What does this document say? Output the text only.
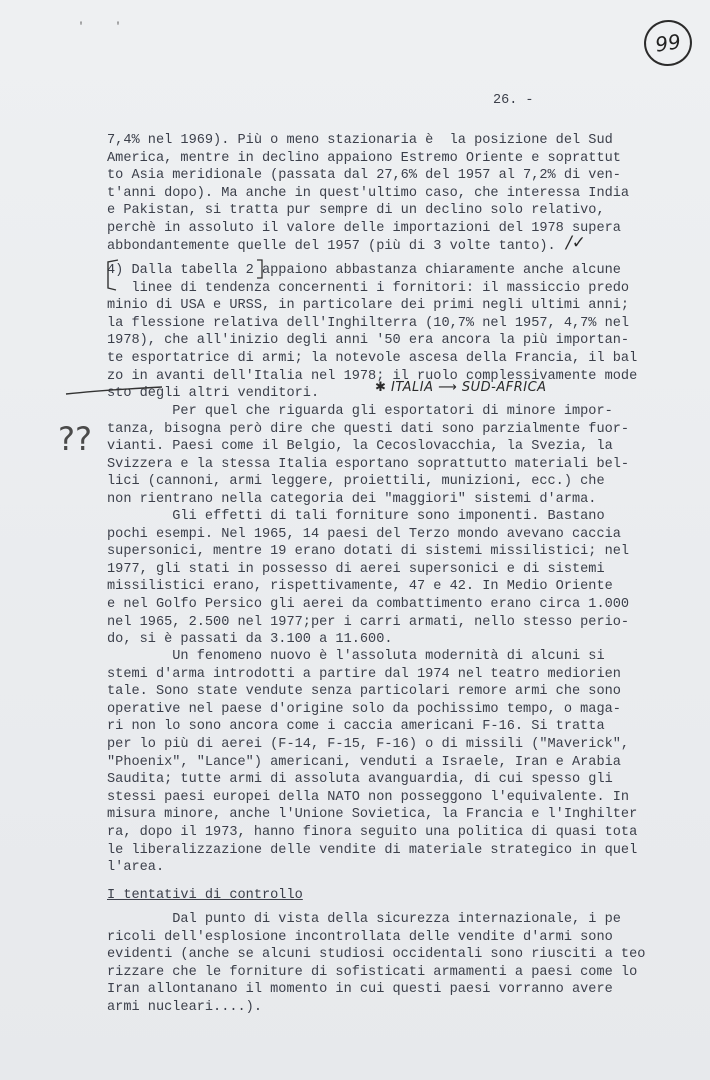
'	'
99
26. -
7,4% nel 1969). Più o meno stazionaria è  la posizione del Sud
America, mentre in declino appaiono Estremo Oriente e soprattut
to Asia meridionale (passata dal 27,6% del 1957 al 7,2% di ven-
t'anni dopo). Ma anche in quest'ultimo caso, che interessa India
e Pakistan, si tratta pur sempre di un declino solo relativo,
perchè in assoluto il valore delle importazioni del 1978 supera
abbondantemente quelle del 1957 (più di 3 volte tanto).
4) Dalla tabella 2 appaiono abbastanza chiaramente anche alcune
linee di tendenza concernenti i fornitori: il massiccio predo
minio di USA e URSS, in particolare dei primi negli ultimi anni;
la flessione relativa dell'Inghilterra (10,7% nel 1957, 4,7% nel
1978), che all'inizio degli anni '50 era ancora la più importan-
te esportatrice di armi; la notevole ascesa della Francia, il bal
zo in avanti dell'Italia nel 1978; il ruolo complessivamente mode
sto degli altri venditori.
Per quel che riguarda gli esportatori di minore impor-
tanza, bisogna però dire che questi dati sono parzialmente fuor-
vianti. Paesi come il Belgio, la Cecoslovacchia, la Svezia, la
Svizzera e la stessa Italia esportano soprattutto materiali bel-
lici (cannoni, armi leggere, proiettili, munizioni, ecc.) che
non rientrano nella categoria dei "maggiori" sistemi d'arma.
Gli effetti di tali forniture sono imponenti. Bastano
pochi esempi. Nel 1965, 14 paesi del Terzo mondo avevano caccia
supersonici, mentre 19 erano dotati di sistemi missilistici; nel
1977, gli stati in possesso di aerei supersonici e di sistemi
missilistici erano, rispettivamente, 47 e 42. In Medio Oriente
e nel Golfo Persico gli aerei da combattimento erano circa 1.000
nel 1965, 2.500 nel 1977;per i carri armati, nello stesso perio-
do, si è passati da 3.100 a 11.600.
Un fenomeno nuovo è l'assoluta modernità di alcuni si
stemi d'arma introdotti a partire dal 1974 nel teatro mediorien
tale. Sono state vendute senza particolari remore armi che sono
operative nel paese d'origine solo da pochissimo tempo, o maga-
ri non lo sono ancora come i caccia americani F-16. Si tratta
per lo più di aerei (F-14, F-15, F-16) o di missili ("Maverick",
"Phoenix", "Lance") americani, venduti a Israele, Iran e Arabia
Saudita; tutte armi di assoluta avanguardia, di cui spesso gli
stessi paesi europei della NATO non posseggono l'equivalente. In
misura minore, anche l'Unione Sovietica, la Francia e l'Inghilter
ra, dopo il 1973, hanno finora seguito una politica di quasi tota
le liberalizzazione delle vendite di materiale strategico in quel
l'area.
I tentativi di controllo
Dal punto di vista della sicurezza internazionale, i pe
ricoli dell'esplosione incontrollata delle vendite d'armi sono
evidenti (anche se alcuni studiosi occidentali sono riusciti a teo
rizzare che le forniture di sofisticati armamenti a paesi come lo
Iran allontanano il momento in cui questi paesi vorranno avere
armi nucleari....).
/✓
✱ ITALIA ⟶ SUD-AFRICA
??
